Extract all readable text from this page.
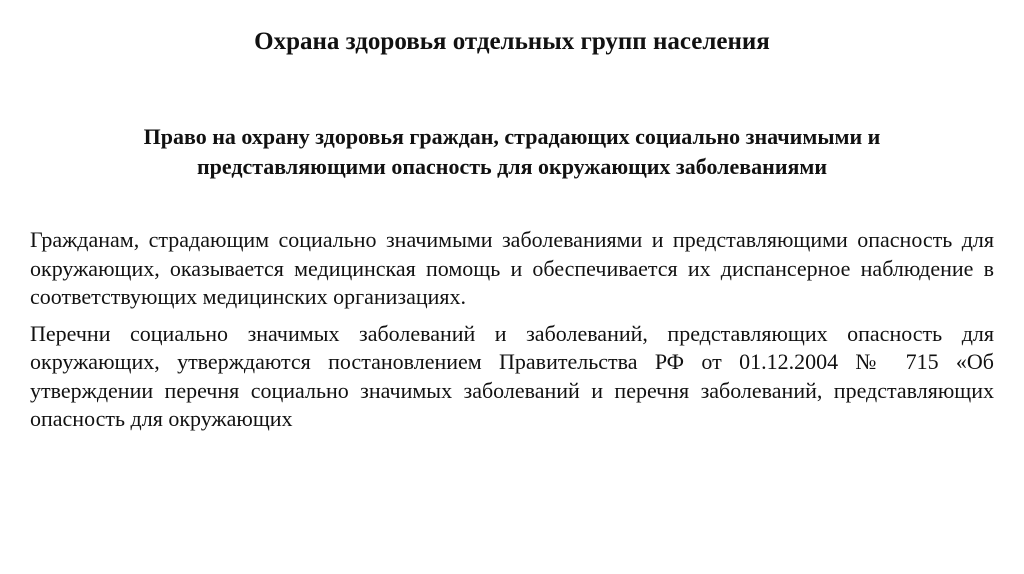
Охрана здоровья отдельных групп населения
Право на охрану здоровья граждан, страдающих социально значимыми и представляющими опасность для окружающих заболеваниями

Гражданам, страдающим социально значимыми заболеваниями и представляющими опасность для окружающих, оказывается медицинская помощь и обеспечивается их диспансерное наблюдение в соответствующих медицинских организациях.

Перечни социально значимых заболеваний и заболеваний, представляющих опасность для окружающих, утверждаются постановлением Правительства РФ от 01.12.2004 № 715 «Об утверждении перечня социально значимых заболеваний и перечня заболеваний, представляющих опасность для окружающих
